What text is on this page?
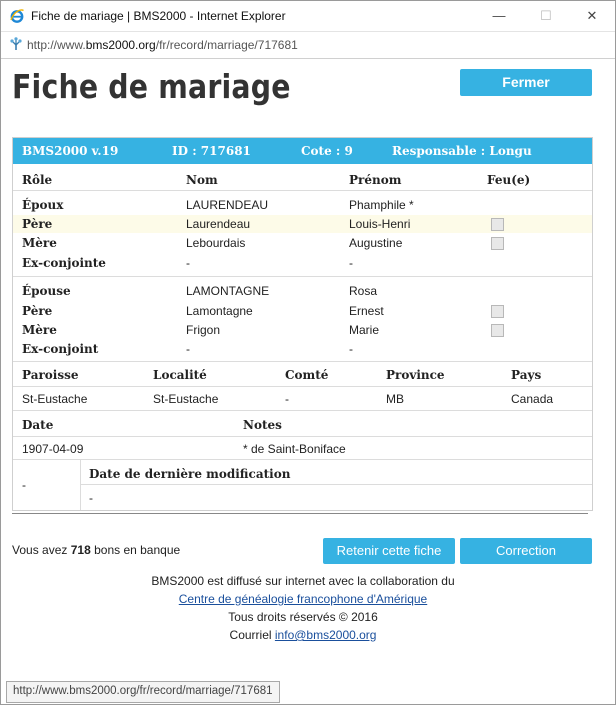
Fiche de mariage | BMS2000 - Internet Explorer	—	☐	✕
http://www.bms2000.org/fr/record/marriage/717681
Fiche de mariage	Fermer
BMS2000 v.19	ID : 717681	Cote : 9	Responsable : Longu
Rôle	Nom	Prénom	Feu(e)
Époux	LAURENDEAU	Phamphile *
Père	Laurendeau	Louis-Henri
Mère	Lebourdais	Augustine
Ex-conjointe	-	-
Épouse	LAMONTAGNE	Rosa
Père	Lamontagne	Ernest
Mère	Frigon	Marie
Ex-conjoint	-	-
Paroisse	Localité	Comté	Province	Pays
St-Eustache	St-Eustache	-	MB	Canada
Date	Notes
1907-04-09	* de Saint-Boniface
-
Date de dernière modification
-
Vous avez 718 bons en banque	Retenir cette fiche	Correction
BMS2000 est diffusé sur internet avec la collaboration du
Centre de généalogie francophone d'Amérique
Tous droits réservés © 2016
Courriel info@bms2000.org
http://www.bms2000.org/fr/record/marriage/717681
